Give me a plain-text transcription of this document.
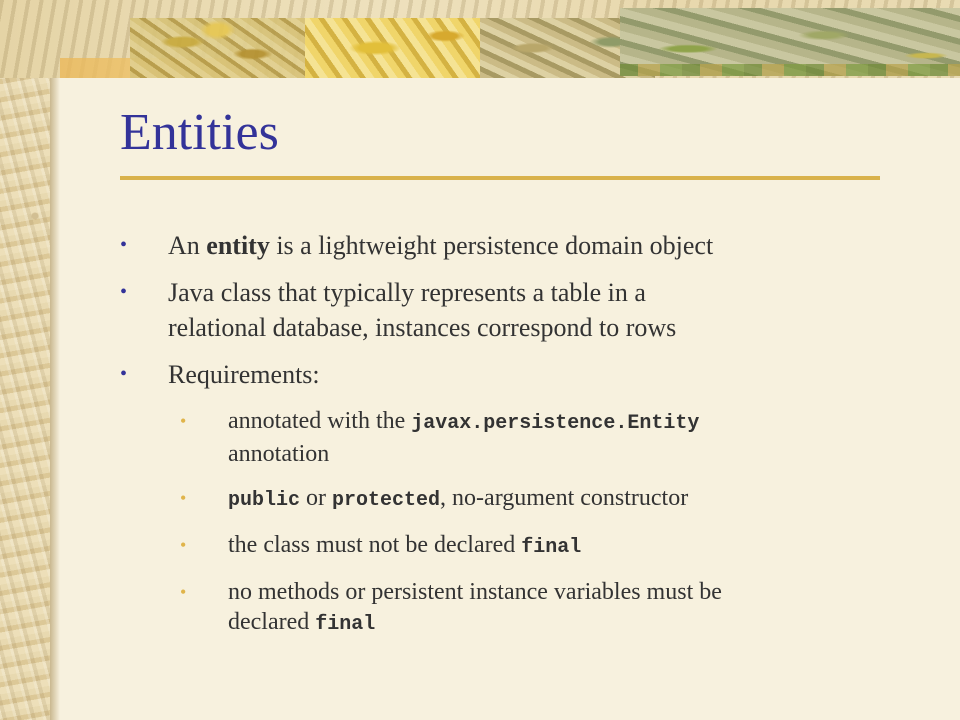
Entities
• An entity is a lightweight persistence domain object
• Java class that typically represents a table in a
relational database, instances correspond to rows
• Requirements:
• annotated with the javax.persistence.Entity
annotation
• public or protected, no-argument constructor
• the class must not be declared final
• no methods or persistent instance variables must be
declared final
